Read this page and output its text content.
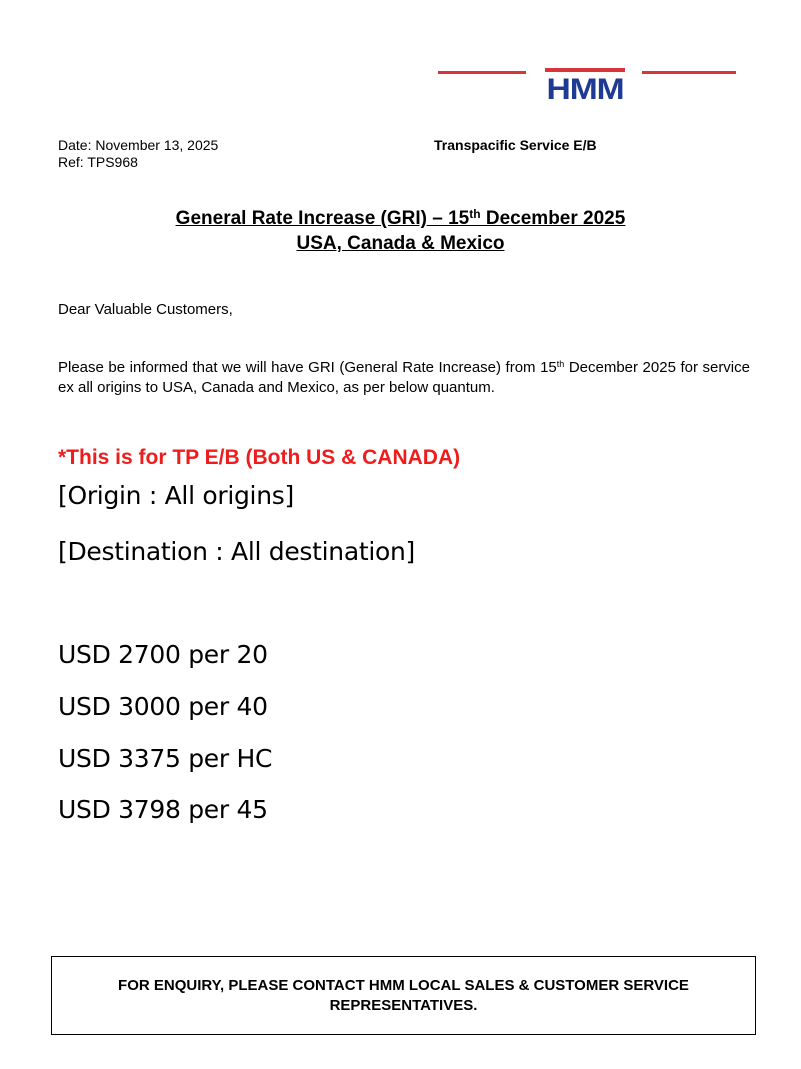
HMM
Date: November 13, 2025
Ref: TPS968
Transpacific Service E/B
General Rate Increase (GRI) – 15th December 2025
USA, Canada & Mexico
Dear Valuable Customers,
Please be informed that we will have GRI (General Rate Increase) from 15th December 2025 for service ex all origins to USA, Canada and Mexico, as per below quantum.
*This is for TP E/B (Both US & CANADA)
[Origin : All origins]
[Destination : All destination]
USD 2700 per 20
USD 3000 per 40
USD 3375 per HC
USD 3798 per 45
FOR ENQUIRY, PLEASE CONTACT HMM LOCAL SALES & CUSTOMER SERVICE REPRESENTATIVES.
